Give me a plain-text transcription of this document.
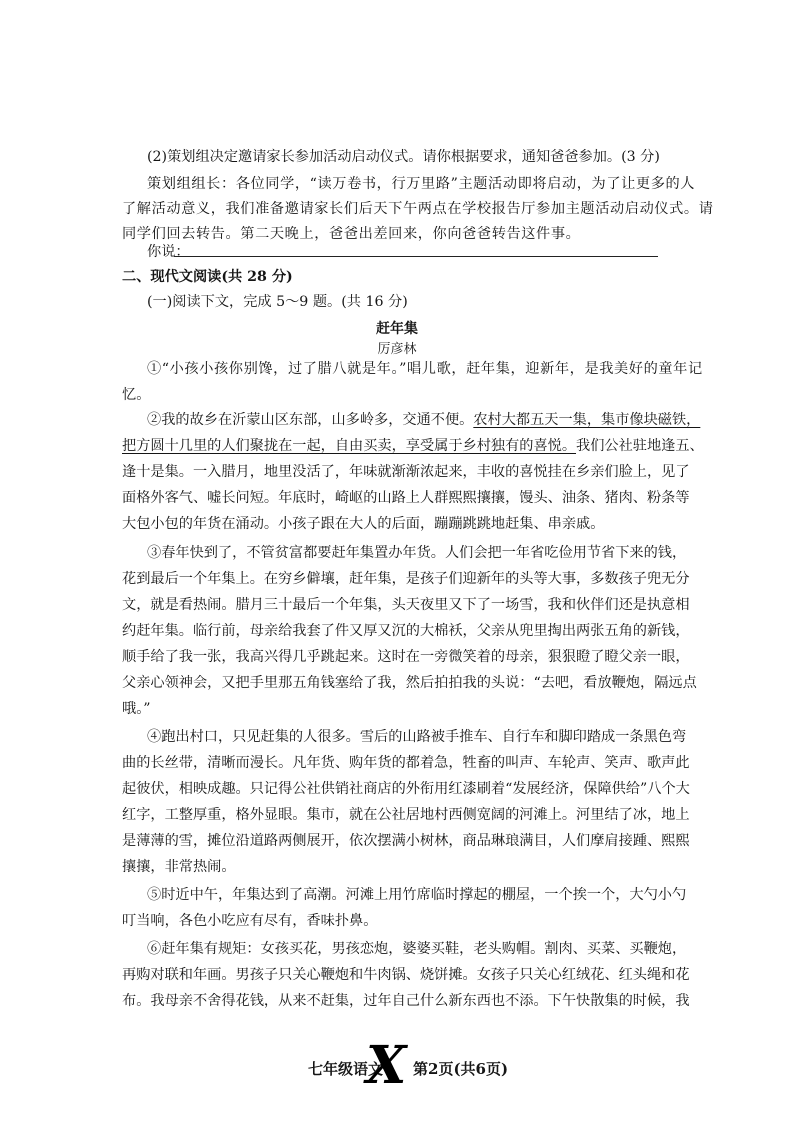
(2)策划组决定邀请家长参加活动启动仪式。请你根据要求，通知爸爸参加。(3 分)
策划组组长：各位同学，“读万卷书，行万里路”主题活动即将启动，为了让更多的人
了解活动意义，我们准备邀请家长们后天下午两点在学校报告厅参加主题活动启动仪式。请
同学们回去转告。第二天晚上，爸爸出差回来，你向爸爸转告这件事。
你说：
二、现代文阅读(共 28 分)
(一)阅读下文，完成 5～9 题。(共 16 分)
赶年集
厉彦林
①“小孩小孩你别馋，过了腊八就是年。”唱儿歌，赶年集，迎新年，是我美好的童年记
忆。
②我的故乡在沂蒙山区东部，山多岭多，交通不便。农村大都五天一集，集市像块磁铁，
把方圆十几里的人们聚拢在一起，自由买卖，享受属于乡村独有的喜悦。我们公社驻地逢五、
逢十是集。一入腊月，地里没活了，年味就渐渐浓起来，丰收的喜悦挂在乡亲们脸上，见了
面格外客气、嘘长问短。年底时，崎岖的山路上人群熙熙攘攘，馒头、油条、猪肉、粉条等
大包小包的年货在涌动。小孩子跟在大人的后面，蹦蹦跳跳地赶集、串亲戚。
③春年快到了，不管贫富都要赶年集置办年货。人们会把一年省吃俭用节省下来的钱，
花到最后一个年集上。在穷乡僻壤，赶年集，是孩子们迎新年的头等大事，多数孩子兜无分
文，就是看热闹。腊月三十最后一个年集，头天夜里又下了一场雪，我和伙伴们还是执意相
约赶年集。临行前，母亲给我套了件又厚又沉的大棉袄，父亲从兜里掏出两张五角的新钱，
顺手给了我一张，我高兴得几乎跳起来。这时在一旁微笑着的母亲，狠狠瞪了瞪父亲一眼，
父亲心领神会，又把手里那五角钱塞给了我，然后拍拍我的头说：“去吧，看放鞭炮，隔远点
哦。”
④跑出村口，只见赶集的人很多。雪后的山路被手推车、自行车和脚印踏成一条黑色弯
曲的长丝带，清晰而漫长。凡年货、购年货的都着急，牲畜的叫声、车轮声、笑声、歌声此
起彼伏，相映成趣。只记得公社供销社商店的外衔用红漆刷着“发展经济，保障供给”八个大
红字，工整厚重，格外显眼。集市，就在公社居地村西侧宽阔的河滩上。河里结了冰，地上
是薄薄的雪，摊位沿道路两侧展开，依次摆满小树林，商品琳琅满目，人们摩肩接踵、熙熙
攘攘，非常热闹。
⑤时近中午，年集达到了高潮。河滩上用竹席临时撑起的棚屋，一个挨一个，大勺小勺
叮当响，各色小吃应有尽有，香味扑鼻。
⑥赶年集有规矩：女孩买花，男孩恋炮，婆婆买鞋，老头购帽。割肉、买菜、买鞭炮，
再购对联和年画。男孩子只关心鞭炮和牛肉锅、烧饼摊。女孩子只关心红绒花、红头绳和花
布。我母亲不舍得花钱，从来不赶集，过年自己什么新东西也不添。下午快散集的时候，我
七年级语文 第2页(共6页)
X
